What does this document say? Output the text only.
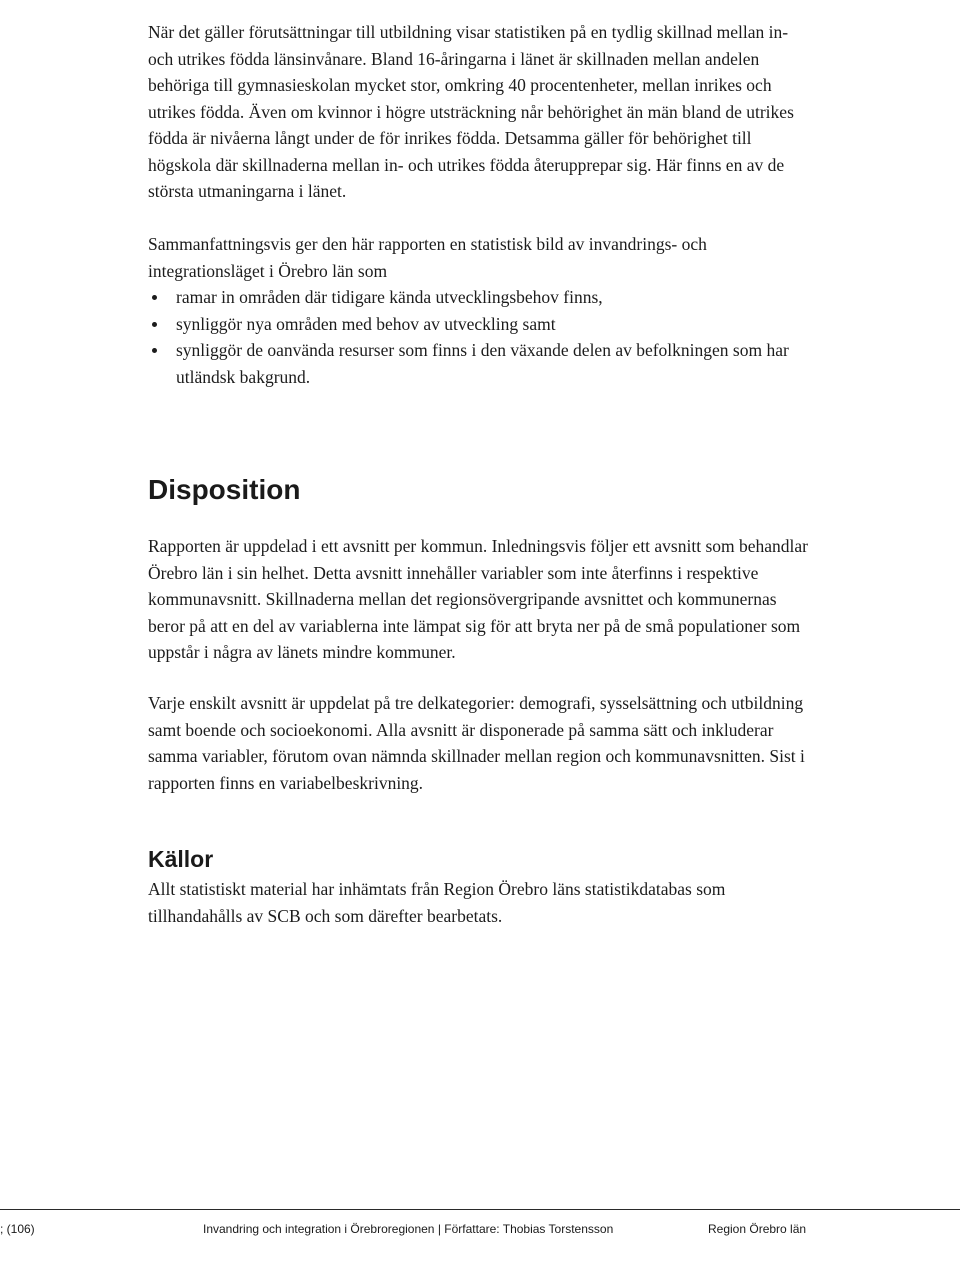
När det gäller förutsättningar till utbildning visar statistiken på en tydlig skillnad mellan in- och utrikes födda länsinvånare. Bland 16-åringarna i länet är skillnaden mellan andelen behöriga till gymnasieskolan mycket stor, omkring 40 procentenheter, mellan inrikes och utrikes födda. Även om kvinnor i högre utsträckning når behörighet än män bland de utrikes födda är nivåerna långt under de för inrikes födda. Detsamma gäller för behörighet till högskola där skillnaderna mellan in- och utrikes födda återupprepar sig. Här finns en av de största utmaningarna i länet.

Sammanfattningsvis ger den här rapporten en statistisk bild av invandrings- och integrationsläget i Örebro län som

ramar in områden där tidigare kända utvecklingsbehov finns,
synliggör nya områden med behov av utveckling samt
synliggör de oanvända resurser som finns i den växande delen av befolkningen som har utländsk bakgrund.
Disposition

Rapporten är uppdelad i ett avsnitt per kommun. Inledningsvis följer ett avsnitt som behandlar Örebro län i sin helhet. Detta avsnitt innehåller variabler som inte återfinns i respektive kommunavsnitt. Skillnaderna mellan det regionsövergripande avsnittet och kommunernas beror på att en del av variablerna inte lämpat sig för att bryta ner på de små populationer som uppstår i några av länets mindre kommuner.

Varje enskilt avsnitt är uppdelat på tre delkategorier: demografi, sysselsättning och utbildning samt boende och socioekonomi. Alla avsnitt är disponerade på samma sätt och inkluderar samma variabler, förutom ovan nämnda skillnader mellan region och kommunavsnitten. Sist i rapporten finns en variabelbeskrivning.

Källor

Allt statistiskt material har inhämtats från Region Örebro läns statistikdatabas som tillhandahålls av SCB och som därefter bearbetats.

; (106)	Invandring och integration i Örebroregionen | Författare: Thobias Torstensson	Region Örebro län
